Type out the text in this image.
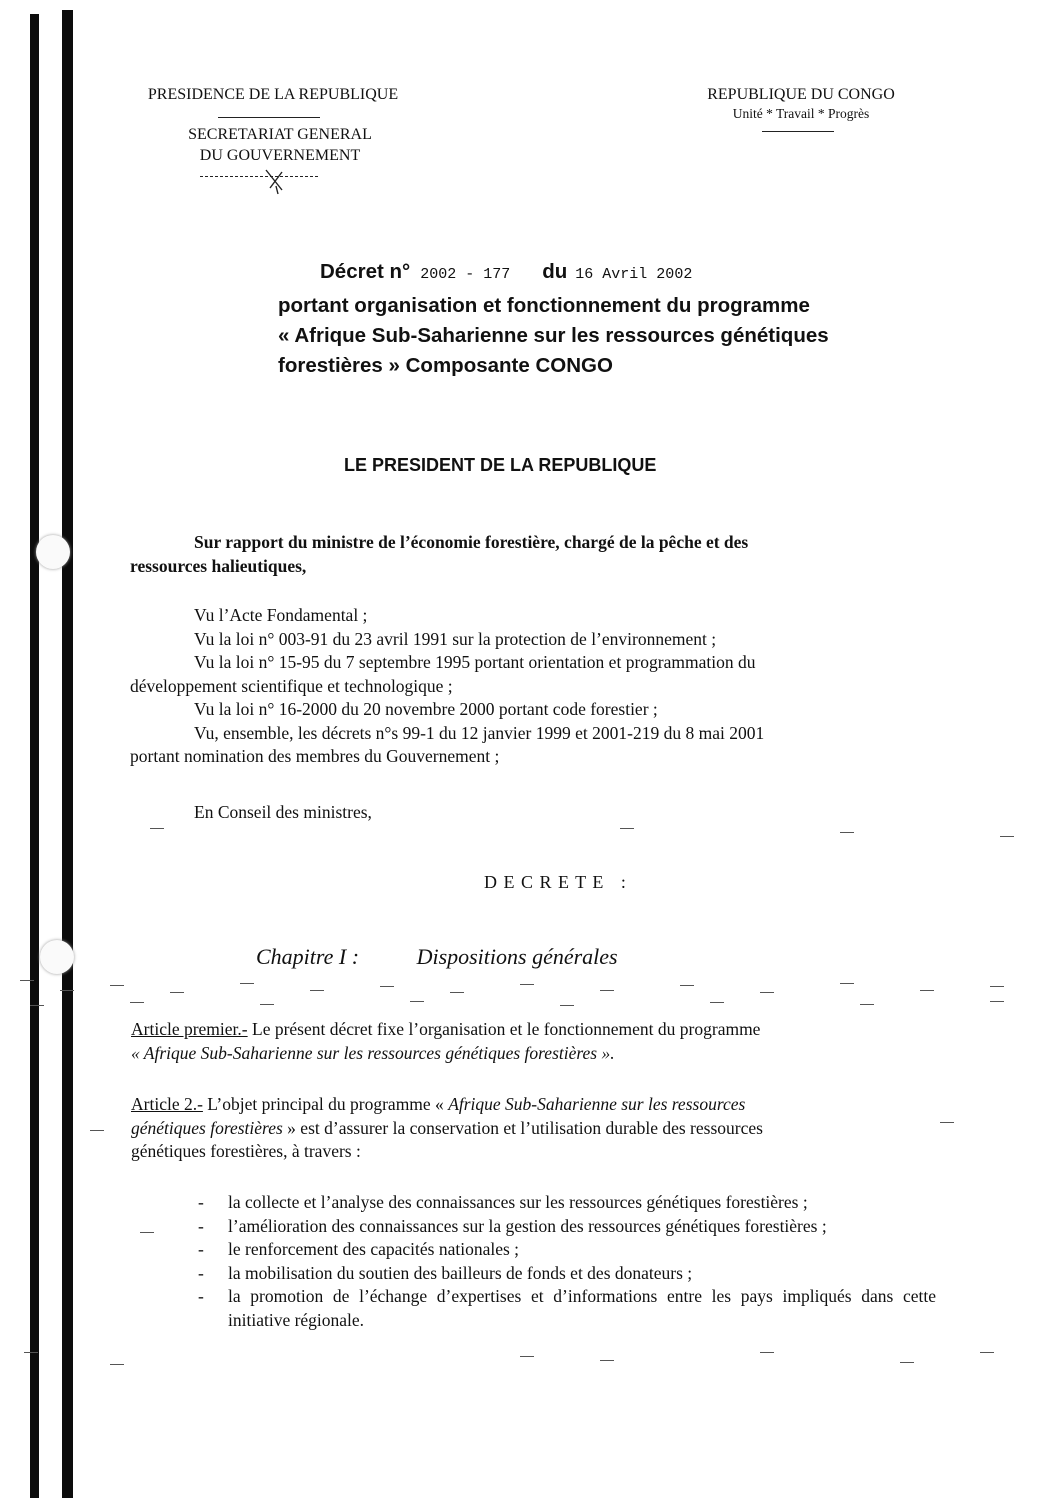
PRESIDENCE DE LA REPUBLIQUE
SECRETARIAT GENERAL
DU GOUVERNEMENT
REPUBLIQUE DU CONGO
Unité * Travail * Progrès
Décret n° 2002 - 177 du 16 Avril 2002
portant organisation et fonctionnement du programme
« Afrique Sub-Saharienne sur les ressources génétiques
forestières » Composante CONGO
LE PRESIDENT DE LA REPUBLIQUE
Sur rapport du ministre de l’économie forestière, chargé de la pêche et des
ressources halieutiques,
Vu l’Acte Fondamental ;
Vu la loi n° 003-91 du 23 avril 1991 sur la protection de l’environnement ;
Vu la loi n° 15-95 du 7 septembre 1995 portant orientation et programmation du
développement scientifique et technologique ;
Vu la loi n° 16-2000 du 20 novembre 2000 portant code forestier ;
Vu, ensemble, les décrets n°s 99-1 du 12 janvier 1999 et 2001-219 du 8 mai 2001
portant nomination des membres du Gouvernement ;
En Conseil des ministres,
D E C R E T E   :
Chapitre I :	Dispositions générales
Article premier.- Le présent décret fixe l’organisation et le fonctionnement du programme
« Afrique Sub-Saharienne sur les ressources génétiques forestières ».
Article 2.- L’objet principal du programme « Afrique Sub-Saharienne sur les ressources
génétiques forestières » est d’assurer la conservation et l’utilisation durable des ressources
génétiques forestières, à travers :
- la collecte et l’analyse des connaissances sur les ressources génétiques forestières ;
- l’amélioration des connaissances sur la gestion des ressources génétiques forestières ;
- le renforcement des capacités nationales ;
- la mobilisation du soutien des bailleurs de fonds et des donateurs ;
- la promotion de l’échange d’expertises et d’informations entre les pays impliqués dans cette initiative régionale.
